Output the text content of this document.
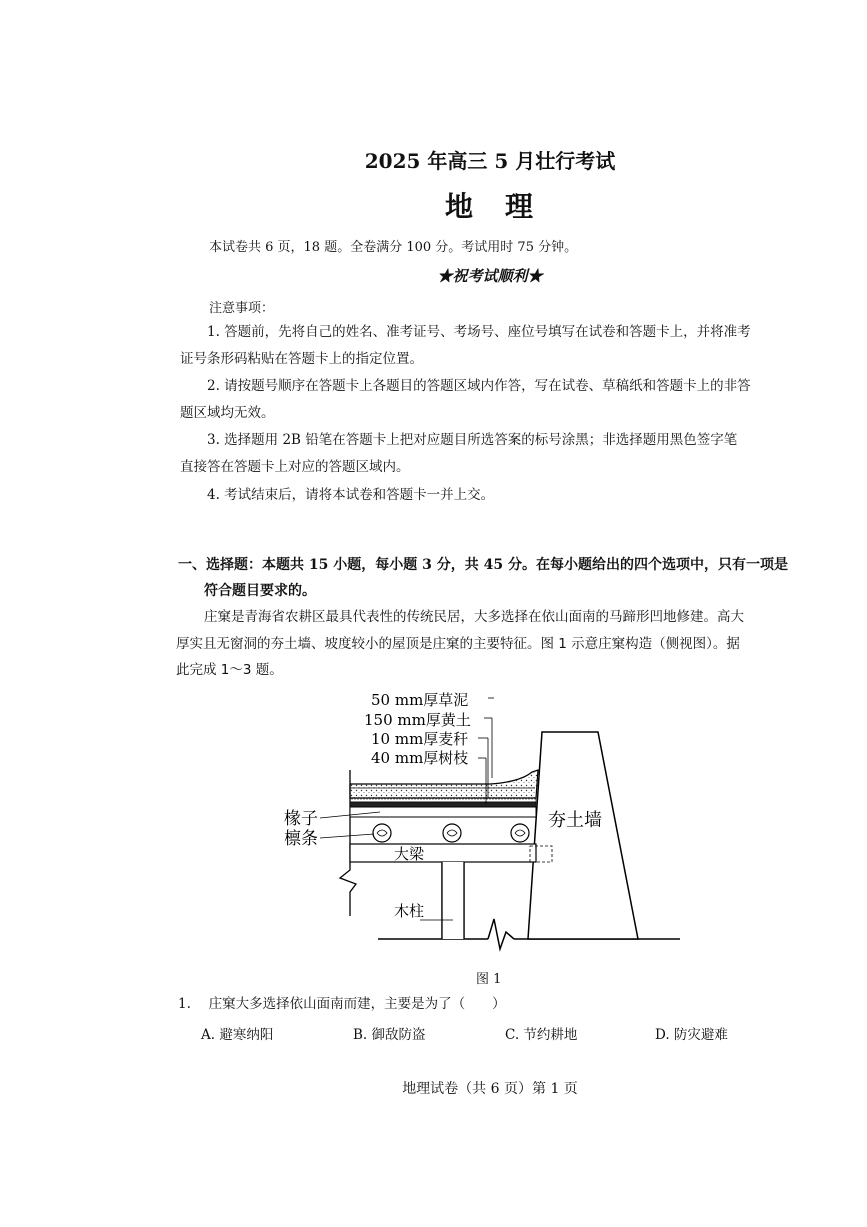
2025 年高三 5 月壮行考试
地　理
本试卷共 6 页，18 题。全卷满分 100 分。考试用时 75 分钟。
★祝考试顺利★
注意事项：
1. 答题前，先将自己的姓名、准考证号、考场号、座位号填写在试卷和答题卡上，并将准考
证号条形码粘贴在答题卡上的指定位置。
2. 请按题号顺序在答题卡上各题目的答题区域内作答，写在试卷、草稿纸和答题卡上的非答
题区域均无效。
3. 选择题用 2B 铅笔在答题卡上把对应题目所选答案的标号涂黑；非选择题用黑色签字笔
直接答在答题卡上对应的答题区域内。
4. 考试结束后，请将本试卷和答题卡一并上交。
一、选择题：本题共 15 小题，每小题 3 分，共 45 分。在每小题给出的四个选项中，只有一项是
符合题目要求的。
庄窠是青海省农耕区最具代表性的传统民居，大多选择在依山面南的马蹄形凹地修建。高大
厚实且无窗洞的夯土墙、坡度较小的屋顶是庄窠的主要特征。图 1 示意庄窠构造（侧视图）。据
此完成 1～3 题。
夯土墙
大梁
木柱
50 mm厚草泥
150 mm厚黄土
10 mm厚麦秆
40 mm厚树枝
椽子
檩条
图 1
1.　 庄窠大多选择依山面南而建，主要是为了（　　）
A. 避寒纳阳	B. 御敌防盗	C. 节约耕地	D. 防灾避难
地理试卷（共 6 页）第 1 页
